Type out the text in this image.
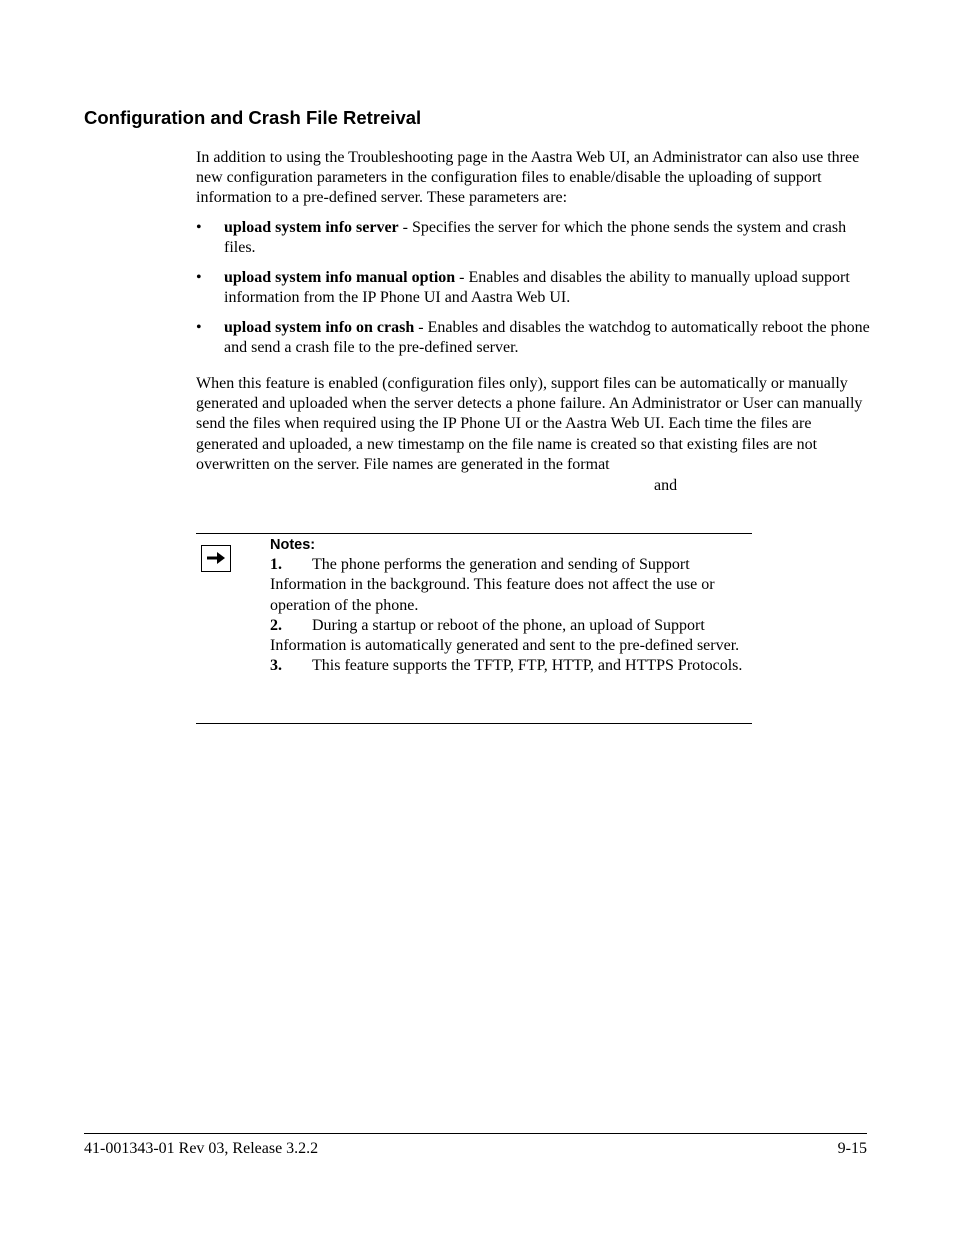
Configuration and Crash File Retreival

In addition to using the Troubleshooting page in the Aastra Web UI, an Administrator can also use three new configuration parameters in the configuration files to enable/disable the uploading of support information to a pre-defined server. These parameters are:

• upload system info server - Specifies the server for which the phone sends the system and crash files.
• upload system info manual option - Enables and disables the ability to manually upload support information from the IP Phone UI and Aastra Web UI.
• upload system info on crash - Enables and disables the watchdog to automatically reboot the phone and send a crash file to the pre-defined server.

When this feature is enabled (configuration files only), support files can be automatically or manually generated and uploaded when the server detects a phone failure. An Administrator or User can manually send the files when required using the IP Phone UI or the Aastra Web UI. Each time the files are generated and uploaded, a new timestamp on the file name is created so that existing files are not overwritten on the server. File names are generated in the format

and
Notes:
1. The phone performs the generation and sending of Support Information in the background. This feature does not affect the use or operation of the phone.
2. During a startup or reboot of the phone, an upload of Support Information is automatically generated and sent to the pre-defined server.
3. This feature supports the TFTP, FTP, HTTP, and HTTPS Protocols.
41-001343-01 Rev 03, Release 3.2.2	9-15
